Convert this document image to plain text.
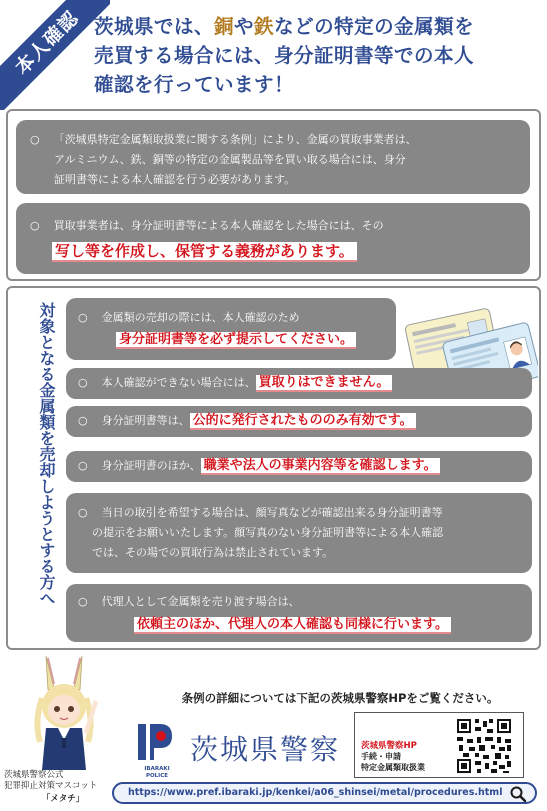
本人確認 茨城県では、銅や鉄などの特定の金属類を
売買する場合には、身分証明書等での本人
確認を行っています！
○ 「茨城県特定金属類取扱業に関する条例」により、金属の買取事業者は、
アルミニウム、鉄、銅等の特定の金属製品等を買い取る場合には、身分
証明書等による本人確認を行う必要があります。
○ 買取事業者は、身分証明書等による本人確認をした場合には、その
写し等を作成し、保管する義務があります。
対象となる金属類を売却しようとする方へ ○ 金属類の売却の際には、本人確認のため
身分証明書等を必ず提示してください。
○ 本人確認ができない場合には、 買取りはできません。
○ 身分証明書等は、 公的に発行されたもののみ有効です。
○ 身分証明書のほか、 職業や法人の事業内容等を確認します。
○ 当日の取引を希望する場合は、顔写真などが確認出来る身分証明書等
の提示をお願いいたします。顔写真のない身分証明書等による本人確認
では、その場での買取行為は禁止されています。
○ 代理人として金属類を売り渡す場合は、
依頼主のほか、代理人の本人確認も同様に行います。
茨城県警察公式
犯罪抑止対策マスコット
「メタチ」
条例の詳細については下記の茨城県警察HPをご覧ください。
IBARAKI
POLICE
茨城県警察 茨城県警察HP
手続・申請
特定金属類取扱業
https://www.pref.ibaraki.jp/kenkei/a06_shinsei/metal/procedures.html
